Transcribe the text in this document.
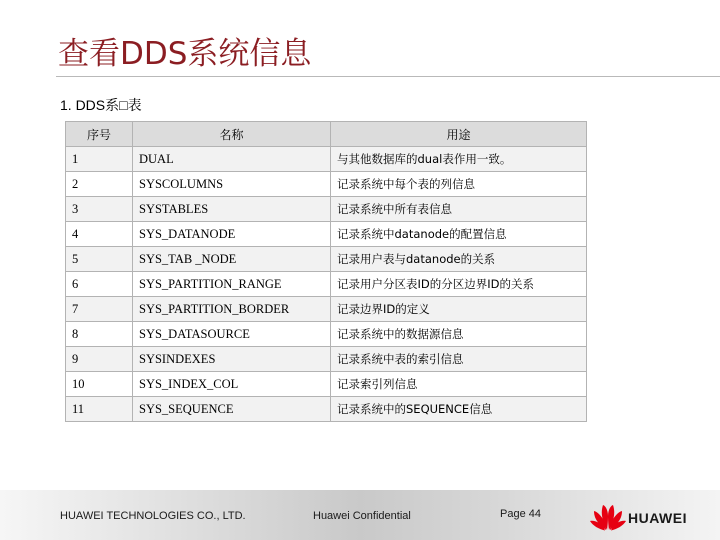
查看DDS系统信息
1. DDS系□表
序号	名称	用途
1	DUAL	与其他数据库的dual表作用一致。
2	SYSCOLUMNS	记录系统中每个表的列信息
3	SYSTABLES	记录系统中所有表信息
4	SYS_DATANODE	记录系统中datanode的配置信息
5	SYS_TAB _NODE	记录用户表与datanode的关系
6	SYS_PARTITION_RANGE	记录用户分区表ID的分区边界ID的关系
7	SYS_PARTITION_BORDER	记录边界ID的定义
8	SYS_DATASOURCE	记录系统中的数据源信息
9	SYSINDEXES	记录系统中表的索引信息
10	SYS_INDEX_COL	记录索引列信息
11	SYS_SEQUENCE	记录系统中的SEQUENCE信息
HUAWEI TECHNOLOGIES CO., LTD.	Huawei Confidential	Page 44	HUAWEI
